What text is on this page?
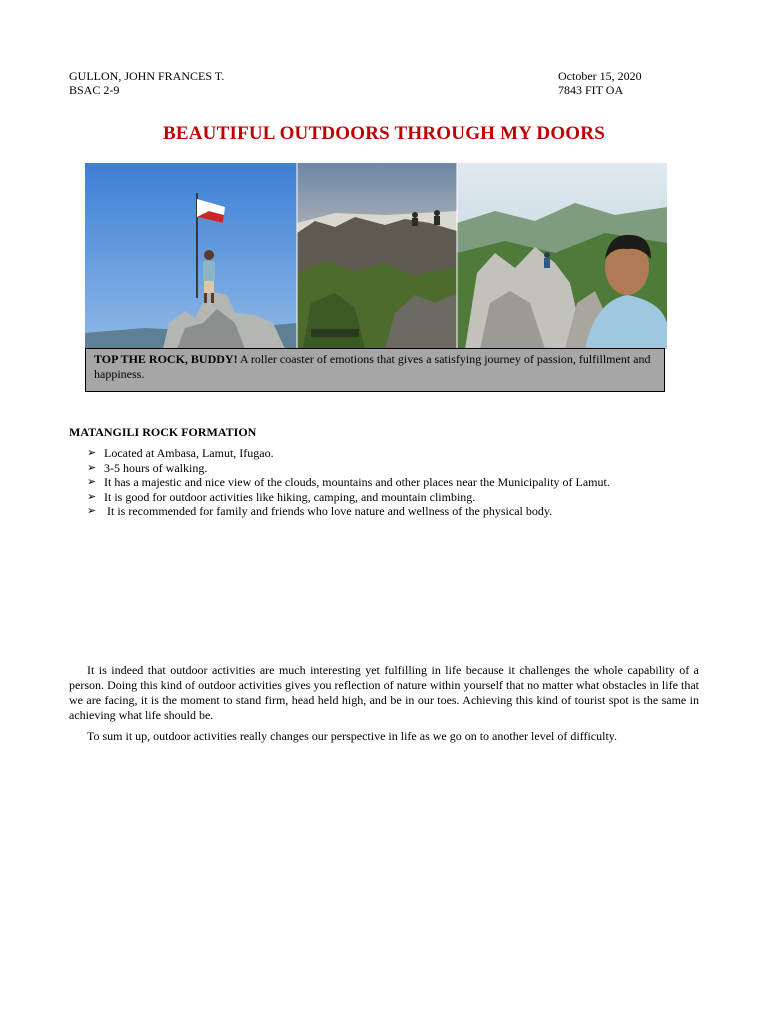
GULLON, JOHN FRANCES T.
BSAC 2-9
October 15, 2020
7843 FIT OA
BEAUTIFUL OUTDOORS THROUGH MY DOORS
TOP THE ROCK, BUDDY! A roller coaster of emotions that gives a satisfying journey of passion, fulfillment and happiness.
MATANGILI ROCK FORMATION
➢ Located at Ambasa, Lamut, Ifugao.
➢ 3-5 hours of walking.
➢ It has a majestic and nice view of the clouds, mountains and other places near the Municipality of Lamut.
➢ It is good for outdoor activities like hiking, camping, and mountain climbing.
➢ It is recommended for family and friends who love nature and wellness of the physical body.

It is indeed that outdoor activities are much interesting yet fulfilling in life because it challenges the whole capability of a person. Doing this kind of outdoor activities gives you reflection of nature within yourself that no matter what obstacles in life that we are facing, it is the moment to stand firm, head held high, and be in our toes. Achieving this kind of tourist spot is the same in achieving what life should be.

To sum it up, outdoor activities really changes our perspective in life as we go on to another level of difficulty.
